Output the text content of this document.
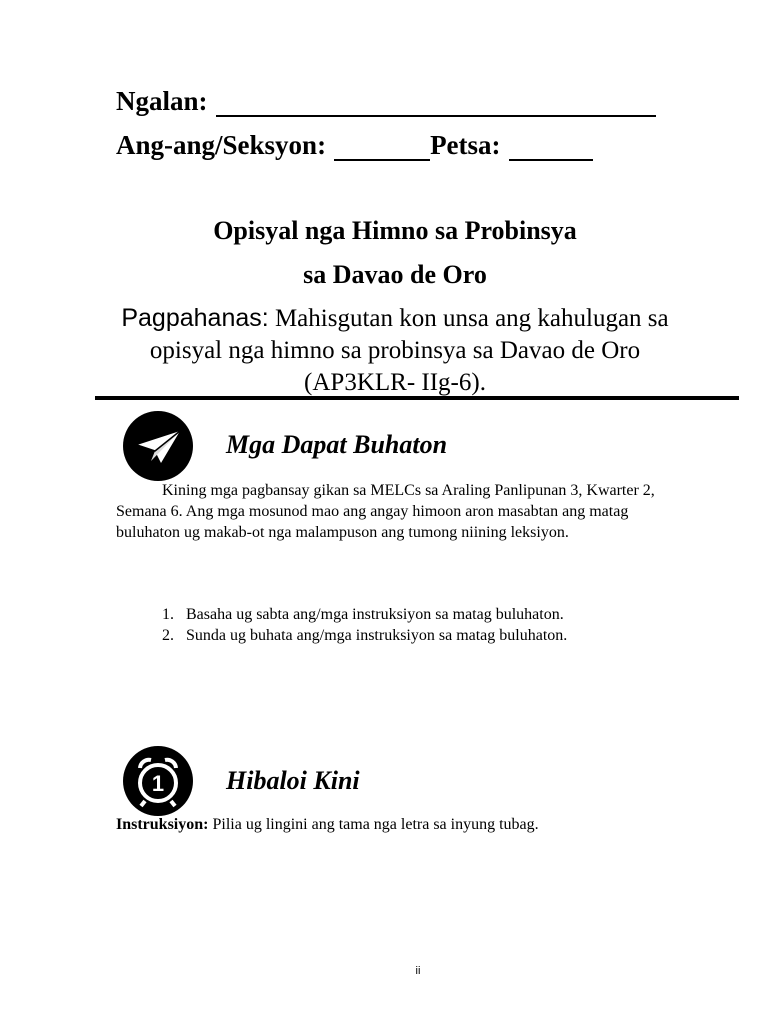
Ngalan:
Ang-ang/Seksyon:	Petsa:
Opisyal nga Himno sa Probinsya
sa Davao de Oro
Pagpahanas: Mahisgutan kon unsa ang kahulugan sa
opisyal nga himno sa probinsya sa Davao de Oro
(AP3KLR- IIg-6).
Mga Dapat Buhaton
Kining mga pagbansay gikan sa MELCs sa Araling Panlipunan 3, Kwarter 2, Semana 6. Ang mga mosunod mao ang angay himoon aron masabtan ang matag buluhaton ug makab-ot nga malampuson ang tumong niining leksiyon.
1. Basaha ug sabta ang/mga instruksiyon sa matag buluhaton.
2. Sunda ug buhata ang/mga instruksiyon sa matag buluhaton.
1 Hibaloi Kini
Instruksiyon: Pilia ug lingini ang tama nga letra sa inyung tubag.
ii
